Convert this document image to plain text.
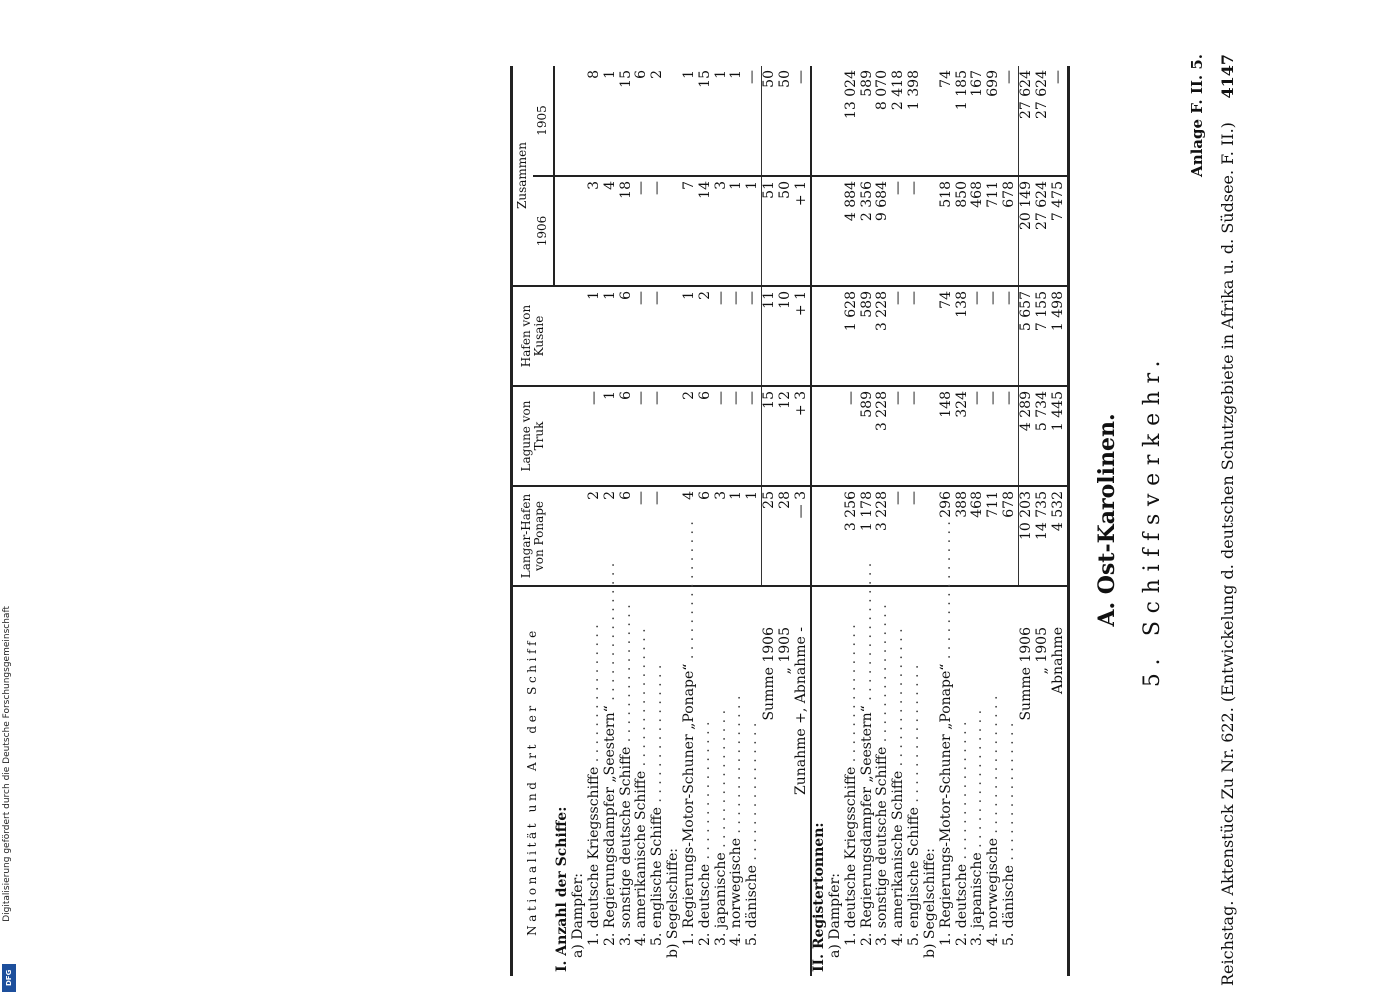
Digitalisierung gefördert durch die Deutsche Forschungsgemeinschaft
DFG	Reichstag. Aktenstück Zu Nr. 622. (Entwickelung d. deutschen Schutzgebiete in Afrika u. d. Südsee. F. II.)
4147
Anlage F. II. 5.
5. Schiffsverkehr.
A. Ost-Karolinen.
Nationalität und Art der Schiffe	Langar-Hafen von Ponape	Lagune von Truk	Hafen von Kusaie	Zusammen	
				1906	1905
I. Anzahl der Schiffe:					
a) Dampfer:					
1. deutsche Kriegsschiffe . . .	2	—	1	3	8
2. Regierungsdampfer „Seestern“ . . .	2	1	1	4	1
3. sonstige deutsche Schiffe . . .	6	6	6	18	15
4. amerikanische Schiffe . . .	—	—	—	—	6
5. englische Schiffe . . .	—	—	—	—	2
b) Segelschiffe:					
1. Regierungs-Motor-Schuner „Ponape“ . . .	4	2	1	7	1
2. deutsche . . .	6	6	2	14	15
3. japanische . . .	3	—	—	3	1
4. norwegische . . .	1	—	—	1	1
5. dänische . . .	1	—	—	1	—
Summe 1906	25	15	11	51	50
„ 1905	28	12	10	50	50
Zunahme +, Abnahme -	— 3	+ 3	+ 1	+ 1	—
II. Registertonnen:					
a) Dampfer:					
1. deutsche Kriegsschiffe . . .	3 256	—	1 628	4 884	13 024
2. Regierungsdampfer „Seestern“ . . .	1 178	589	589	2 356	589
3. sonstige deutsche Schiffe . . .	3 228	3 228	3 228	9 684	8 070
4. amerikanische Schiffe . . .	—	—	—	—	2 418
5. englische Schiffe . . .	—	—	—	—	1 398
b) Segelschiffe:					
1. Regierungs-Motor-Schuner „Ponape“ . . .	296	148	74	518	74
2. deutsche . . .	388	324	138	850	1 185
3. japanische . . .	468	—	—	468	167
4. norwegische . . .	711	—	—	711	699
5. dänische . . .	678	—	—	678	—
Summe 1906	10 203	4 289	5 657	20 149	27 624
„ 1905	14 735	5 734	7 155	27 624	27 624
Abnahme	4 532	1 445	1 498	7 475	—
